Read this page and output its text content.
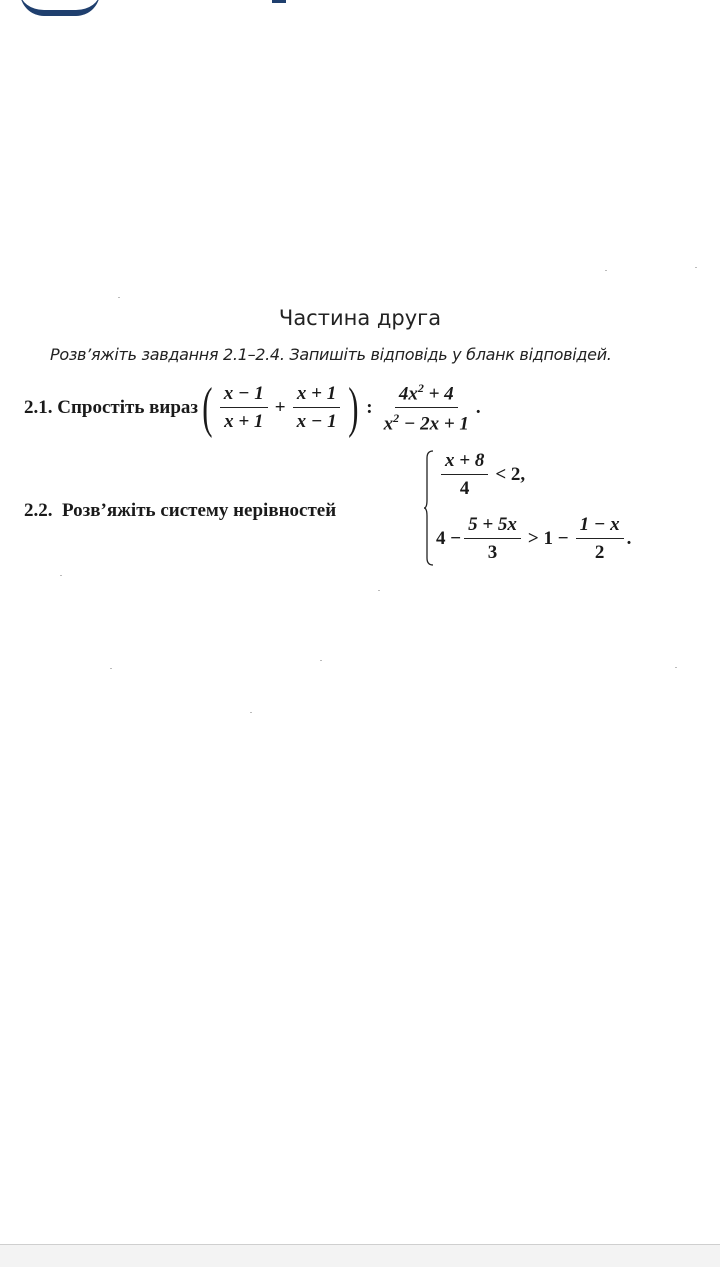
Частина друга
Розв’яжіть завдання 2.1–2.4. Запишіть відповідь у бланк відповідей.
2.1.
Спростіть вираз ( $\frac{x - 1}{x + 1} + \frac{x + 1}{x - 1}$ ) : $\frac{4x^2 + 4}{x^2 - 2x + 1}$ .
2.2. Розв’яжіть систему нерівностей
$\frac{x + 8}{4} < 2$,
$4 - \frac{5 + 5x}{3} > 1 - \frac{1 - x}{2}$ .
